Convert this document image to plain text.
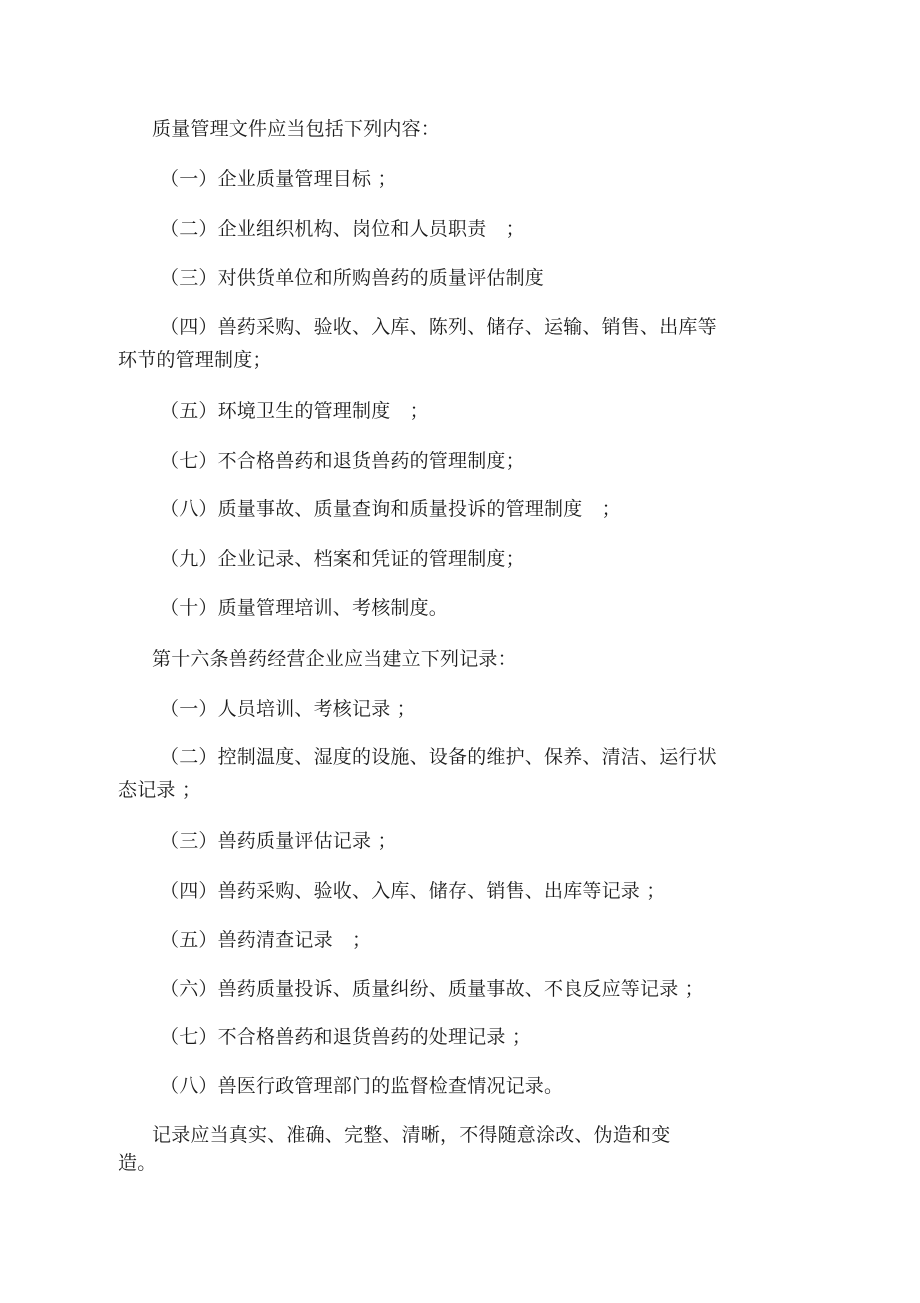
质量管理文件应当包括下列内容：
（一）企业质量管理目标 ；
（二）企业组织机构、岗位和人员职责　；
（三）对供货单位和所购兽药的质量评估制度
（四）兽药采购、验收、入库、陈列、储存、运输、销售、出库等
环节的管理制度；
（五）环境卫生的管理制度　；
（七）不合格兽药和退货兽药的管理制度；
（八）质量事故、质量查询和质量投诉的管理制度　；
（九）企业记录、档案和凭证的管理制度；
（十）质量管理培训、考核制度。
第十六条兽药经营企业应当建立下列记录：
（一）人员培训、考核记录 ；
（二）控制温度、湿度的设施、设备的维护、保养、清洁、运行状
态记录 ；
（三）兽药质量评估记录 ；
（四）兽药采购、验收、入库、储存、销售、出库等记录 ；
（五）兽药清查记录　；
（六）兽药质量投诉、质量纠纷、质量事故、不良反应等记录 ；
（七）不合格兽药和退货兽药的处理记录 ；
（八）兽医行政管理部门的监督检查情况记录。
记录应当真实、准确、完整、清晰，不得随意涂改、伪造和变
造。
